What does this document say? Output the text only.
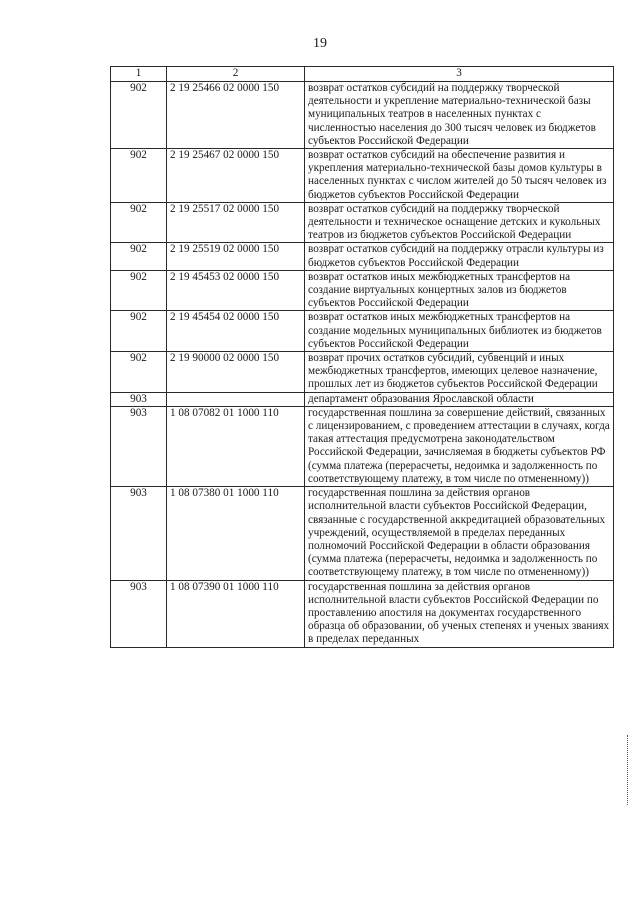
19
1	2	3
902	2 19 25466 02 0000 150	возврат остатков субсидий на поддержку творческой деятельности и укрепление материально-технической базы муниципальных театров в населенных пунктах с численностью населения до 300 тысяч человек из бюджетов субъектов Российской Федерации
902	2 19 25467 02 0000 150	возврат остатков субсидий на обеспечение развития и укрепления материально-технической базы домов культуры в населенных пунктах с числом жителей до 50 тысяч человек из бюджетов субъектов Российской Федерации
902	2 19 25517 02 0000 150	возврат остатков субсидий на поддержку творческой деятельности и техническое оснащение детских и кукольных театров из бюджетов субъектов Российской Федерации
902	2 19 25519 02 0000 150	возврат остатков субсидий на поддержку отрасли культуры из бюджетов субъектов Российской Федерации
902	2 19 45453 02 0000 150	возврат остатков иных межбюджетных трансфертов на создание виртуальных концертных залов из бюджетов субъектов Российской Федерации
902	2 19 45454 02 0000 150	возврат остатков иных межбюджетных трансфертов на создание модельных муниципальных библиотек из бюджетов субъектов Российской Федерации
902	2 19 90000 02 0000 150	возврат прочих остатков субсидий, субвенций и иных межбюджетных трансфертов, имеющих целевое назначение, прошлых лет из бюджетов субъектов Российской Федерации
903		департамент образования Ярославской области
903	1 08 07082 01 1000 110	государственная пошлина за совершение действий, связанных с лицензированием, с проведением аттестации в случаях, когда такая аттестация предусмотрена законодательством Российской Федерации, зачисляемая в бюджеты субъектов РФ (сумма платежа (перерасчеты, недоимка и задолженность по соответствующему платежу, в том числе по отмененному))
903	1 08 07380 01 1000 110	государственная пошлина за действия органов исполнительной власти субъектов Российской Федерации, связанные с государственной аккредитацией образовательных учреждений, осуществляемой в пределах переданных полномочий Российской Федерации в области образования (сумма платежа (перерасчеты, недоимка и задолженность по соответствующему платежу, в том числе по отмененному))
903	1 08 07390 01 1000 110	государственная пошлина за действия органов исполнительной власти субъектов Российской Федерации по проставлению апостиля на документах государственного образца об образовании, об ученых степенях и ученых званиях в пределах переданных
